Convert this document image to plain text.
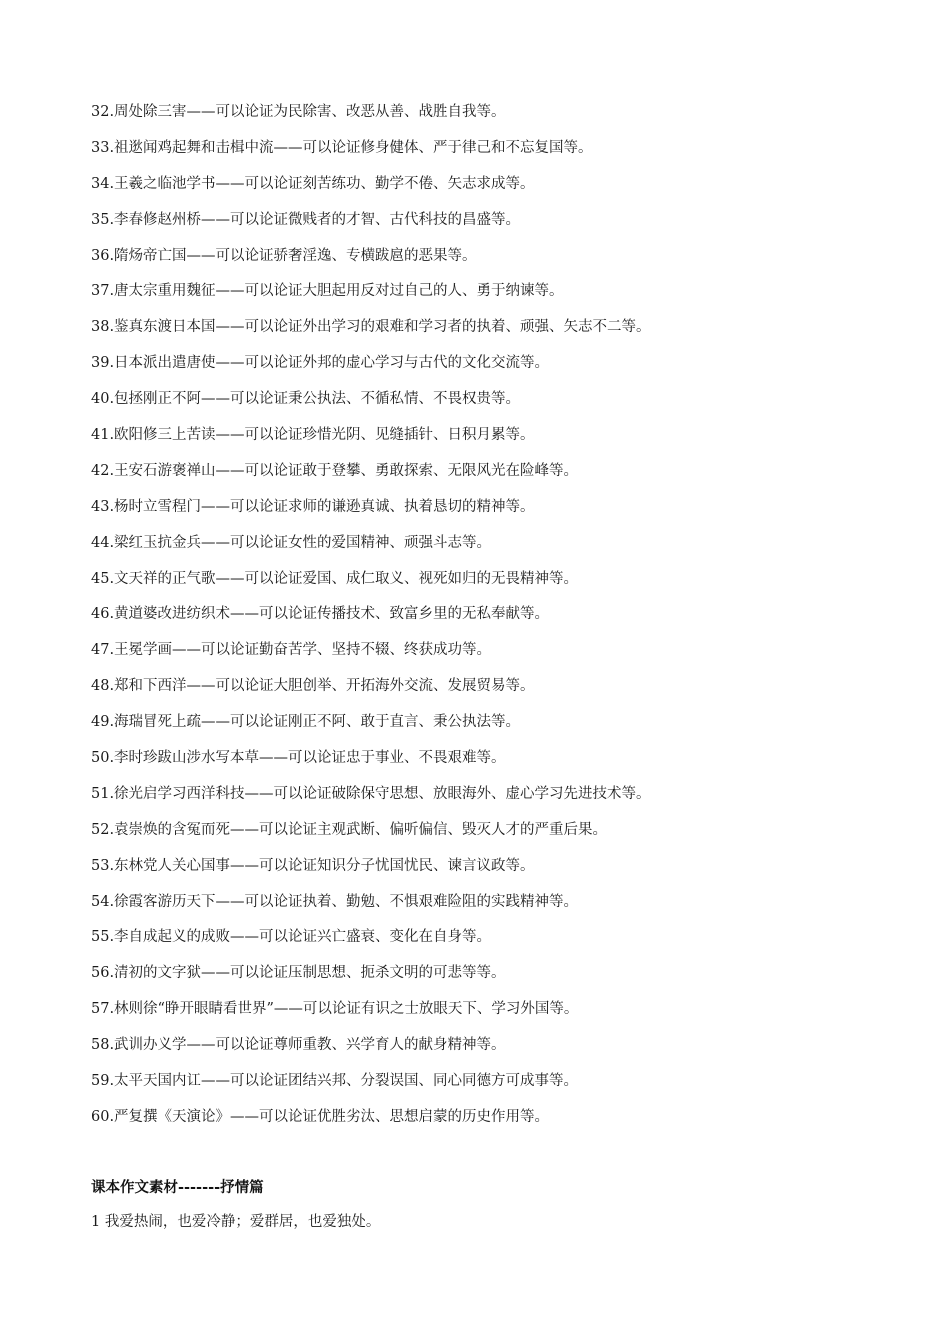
32.周处除三害——可以论证为民除害、改恶从善、战胜自我等。
33.祖逖闻鸡起舞和击楫中流——可以论证修身健体、严于律己和不忘复国等。
34.王羲之临池学书——可以论证刻苦练功、勤学不倦、矢志求成等。
35.李春修赵州桥——可以论证微贱者的才智、古代科技的昌盛等。
36.隋炀帝亡国——可以论证骄奢淫逸、专横跋扈的恶果等。
37.唐太宗重用魏征——可以论证大胆起用反对过自己的人、勇于纳谏等。
38.鉴真东渡日本国——可以论证外出学习的艰难和学习者的执着、顽强、矢志不二等。
39.日本派出遣唐使——可以论证外邦的虚心学习与古代的文化交流等。
40.包拯刚正不阿——可以论证秉公执法、不循私情、不畏权贵等。
41.欧阳修三上苦读——可以论证珍惜光阴、见缝插针、日积月累等。
42.王安石游褒禅山——可以论证敢于登攀、勇敢探索、无限风光在险峰等。
43.杨时立雪程门——可以论证求师的谦逊真诚、执着恳切的精神等。
44.梁红玉抗金兵——可以论证女性的爱国精神、顽强斗志等。
45.文天祥的正气歌——可以论证爱国、成仁取义、视死如归的无畏精神等。
46.黄道婆改进纺织术——可以论证传播技术、致富乡里的无私奉献等。
47.王冕学画——可以论证勤奋苦学、坚持不辍、终获成功等。
48.郑和下西洋——可以论证大胆创举、开拓海外交流、发展贸易等。
49.海瑞冒死上疏——可以论证刚正不阿、敢于直言、秉公执法等。
50.李时珍跋山涉水写本草——可以论证忠于事业、不畏艰难等。
51.徐光启学习西洋科技——可以论证破除保守思想、放眼海外、虚心学习先进技术等。
52.袁崇焕的含冤而死——可以论证主观武断、偏听偏信、毁灭人才的严重后果。
53.东林党人关心国事——可以论证知识分子忧国忧民、谏言议政等。
54.徐霞客游历天下——可以论证执着、勤勉、不惧艰难险阻的实践精神等。
55.李自成起义的成败——可以论证兴亡盛衰、变化在自身等。
56.清初的文字狱——可以论证压制思想、扼杀文明的可悲等等。
57.林则徐“睁开眼睛看世界”——可以论证有识之士放眼天下、学习外国等。
58.武训办义学——可以论证尊师重教、兴学育人的献身精神等。
59.太平天国内讧——可以论证团结兴邦、分裂误国、同心同德方可成事等。
60.严复撰《天演论》——可以论证优胜劣汰、思想启蒙的历史作用等。
课本作文素材-------抒情篇
1 我爱热闹，也爱冷静；爱群居，也爱独处。
